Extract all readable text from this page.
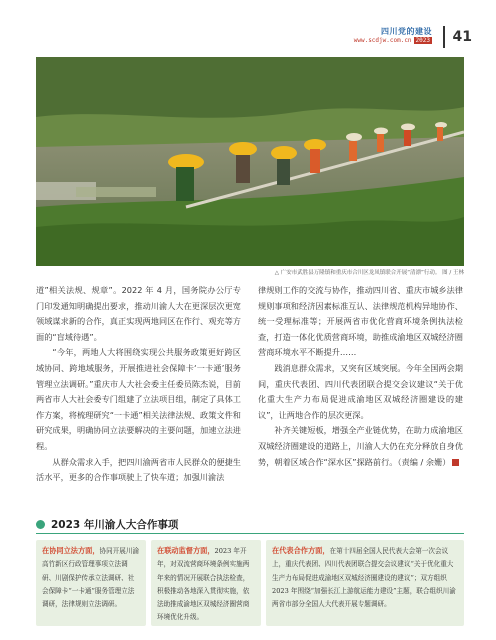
四川党的建设
www.scdjw.com.cn 2023	41
△ 广安市武胜县万隆镇和重庆市合川区龙凤镇联合开展“清漂”行动。 图 / 王林

道”相关法规、规章”。2022 年 4 月，国务院办公厅专门印发通知明确提出要求，推动川渝人大在更深层次更宽领域谋求新的合作，真正实现两地同区在作行、观充等方面的“盲域待遇”。

“今年，两地人大将围绕实现公共服务政策更好跨区域协同、跨地域服务，开展推进社会保障卡‘一卡通’服务管理立法调研。”重庆市人大社会委主任委员陈杰说，目前两省市人大社会委专门组建了立法项目组，制定了具体工作方案，将梳理研究“一卡通”相关法律法规、政策文件和研究成果，明确协同立法要解决的主要问题，加速立法进程。

从群众需求入手，把四川渝两省市人民群众的便捷生活水平，更多的合作事项驶上了快车道；加强川渝法

律规则工作的交流与协作，推动四川省、重庆市城乡法律规则事项和经济因素标准互认、法律规范机构异地协作、统一受理标准等；开展两省市优化营商环境条例执法检查，打造一体化优质营商环境，助推成渝地区双城经济圈营商环境水平不断提升……

践消息群众需求，又突有区域突展。今年全国两会期间，重庆代表团、四川代表团联合提交会议建议“关于优化重大生产力布局促进成渝地区双城经济圈建设的建议”，让两地合作的层次更深。

补齐关键短板，增强全产业链优势，在助力成渝地区双城经济圈建设的道路上，川渝人大仍在充分释放自身优势，朝着区域合作“深水区”探路前行。（责编 / 余姗）

2023 年川渝人大合作事项
在协同立法方面，协同开展川渝高竹新区行政管理事项立法调研、川剧保护传承立法调研、社会保障卡“一卡通”服务管理立法调研，法律规则立法调研。
在联动监督方面，2023 年开年，对双流营商环境条例实施两年来的情况开展联合执法检查，积极推动各地深入贯彻实施，依法助推成渝地区双城经济圈营商环境优化升级。
在代表合作方面，在第十四届全国人民代表大会第一次会议上，重庆代表团、四川代表团联合提交会议建议“关于优化重大生产力布局促进成渝地区双城经济圈建设的建议”；双方组织 2023 年围绕“加强长江上游航运能力建设”主题，联合组织川渝两省市部分全国人大代表开展专题调研。
